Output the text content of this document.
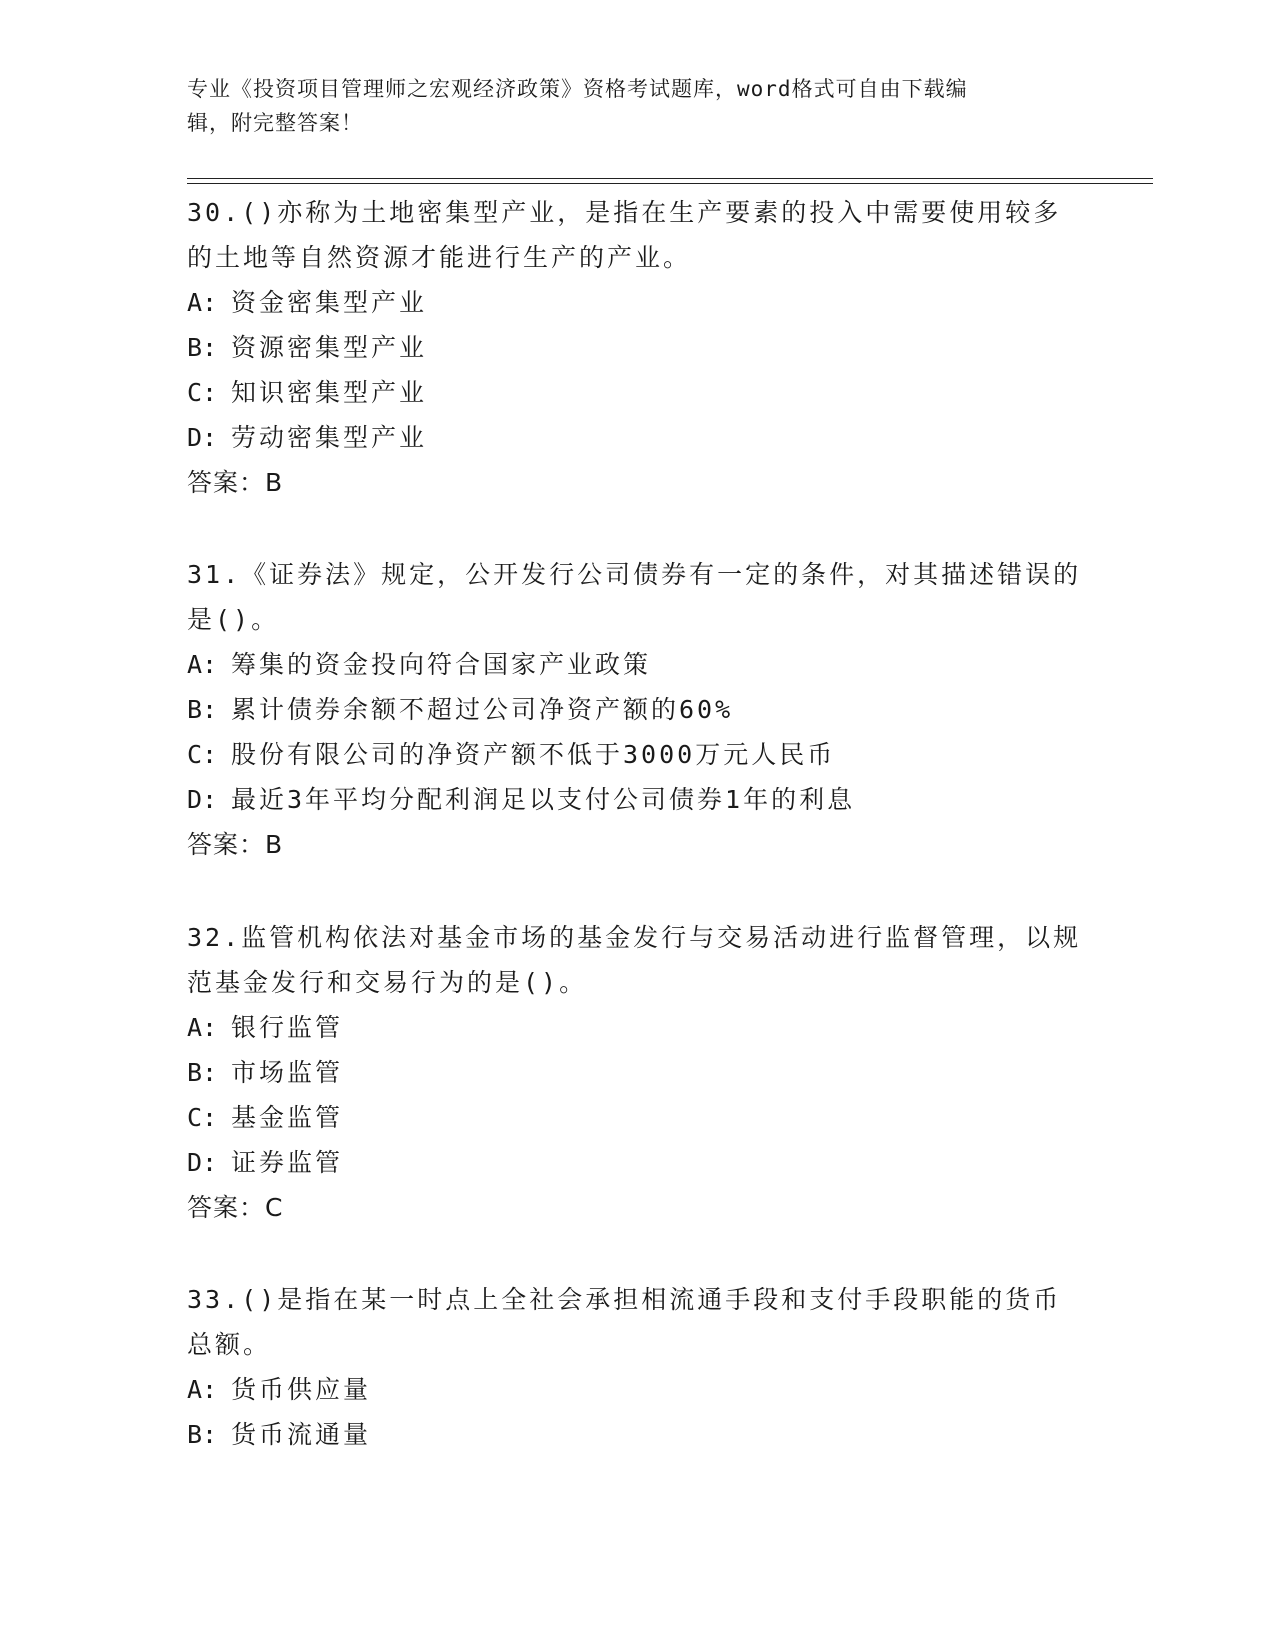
专业《投资项目管理师之宏观经济政策》资格考试题库，word格式可自由下载编
辑，附完整答案！

30.()亦称为土地密集型产业，是指在生产要素的投入中需要使用较多的土地等自然资源才能进行生产的产业。

A: 资金密集型产业

B: 资源密集型产业

C: 知识密集型产业

D: 劳动密集型产业

答案：B

31.《证券法》规定，公开发行公司债券有一定的条件，对其描述错误的是()。

A: 筹集的资金投向符合国家产业政策

B: 累计债券余额不超过公司净资产额的60%

C: 股份有限公司的净资产额不低于3000万元人民币

D: 最近3年平均分配利润足以支付公司债券1年的利息

答案：B

32.监管机构依法对基金市场的基金发行与交易活动进行监督管理，以规范基金发行和交易行为的是()。

A: 银行监管

B: 市场监管

C: 基金监管

D: 证券监管

答案：C

33.()是指在某一时点上全社会承担相流通手段和支付手段职能的货币总额。

A: 货币供应量

B: 货币流通量
